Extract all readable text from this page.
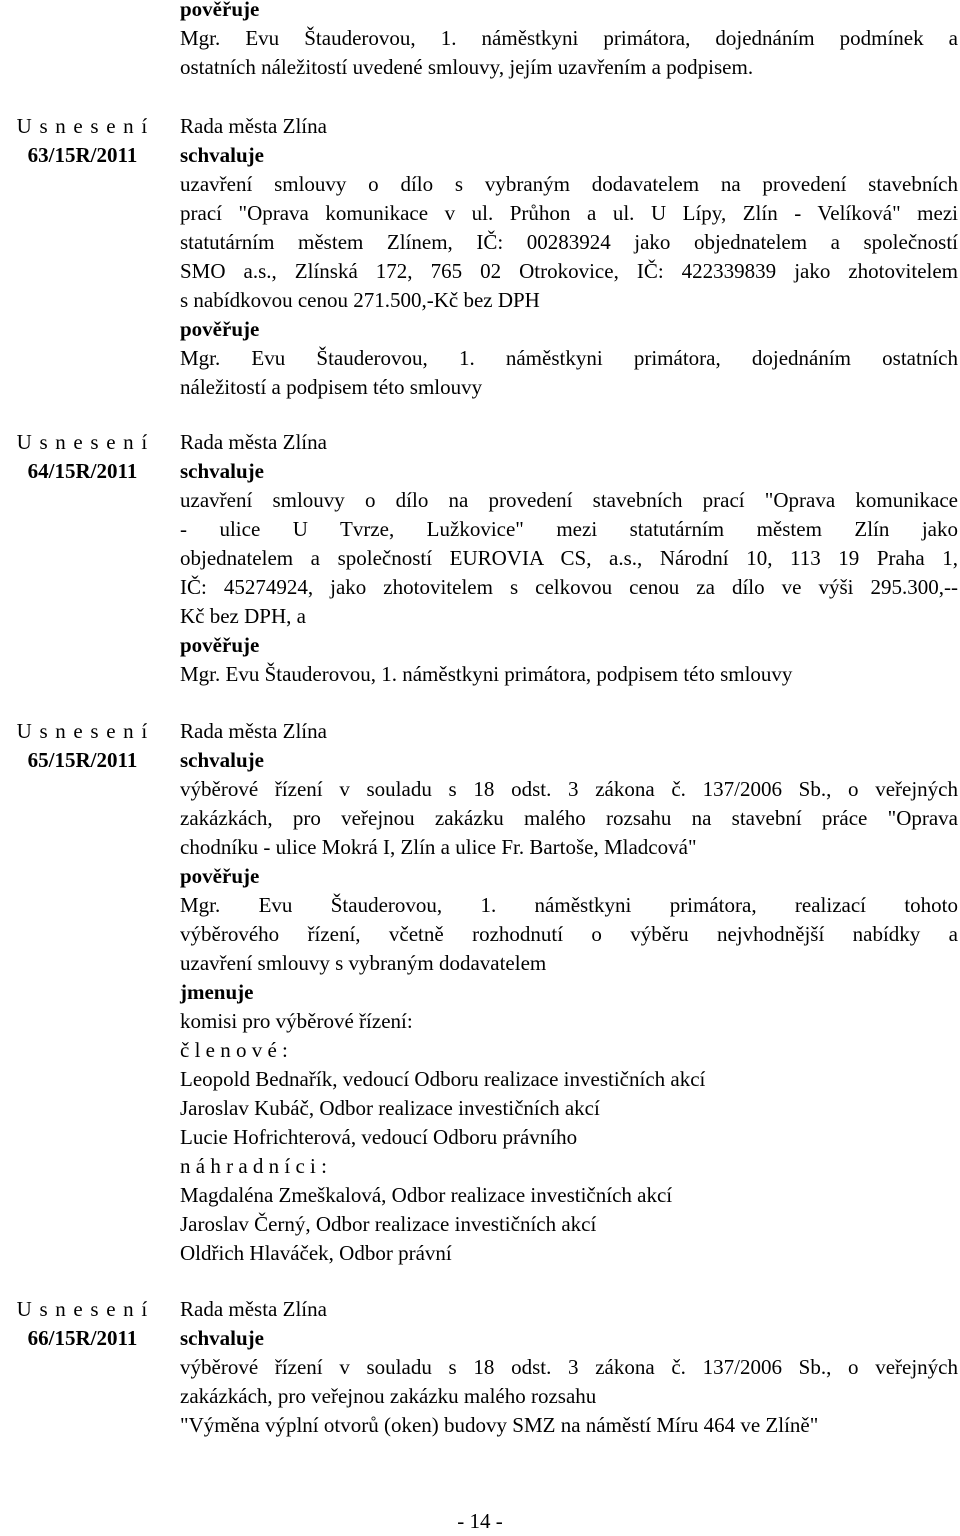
pověřuje
Mgr. Evu Štauderovou, 1. náměstkyni primátora, dojednáním podmínek a
ostatních náležitostí uvedené smlouvy, jejím uzavřením a podpisem.
U s n e s e n í
63/15R/2011
Rada města Zlína
schvaluje
uzavření smlouvy o dílo s vybraným dodavatelem na provedení stavebních
prací "Oprava komunikace v ul. Průhon a ul. U Lípy, Zlín - Velíková" mezi
statutárním městem Zlínem, IČ: 00283924 jako objednatelem a společností
SMO a.s., Zlínská 172, 765 02 Otrokovice, IČ: 422339839 jako zhotovitelem
s nabídkovou cenou 271.500,-Kč bez DPH
pověřuje
Mgr. Evu Štauderovou, 1. náměstkyni primátora, dojednáním ostatních
náležitostí a podpisem této smlouvy
U s n e s e n í
64/15R/2011
Rada města Zlína
schvaluje
uzavření smlouvy o dílo na provedení stavebních prací "Oprava komunikace
- ulice U Tvrze, Lužkovice" mezi statutárním městem Zlín jako
objednatelem a společností EUROVIA CS, a.s., Národní 10, 113 19 Praha 1,
IČ: 45274924, jako zhotovitelem s celkovou cenou za dílo ve výši 295.300,--
Kč bez DPH, a
pověřuje
Mgr. Evu Štauderovou, 1. náměstkyni primátora, podpisem této smlouvy
U s n e s e n í
65/15R/2011
Rada města Zlína
schvaluje
výběrové řízení v souladu s 18 odst. 3 zákona č. 137/2006 Sb., o veřejných
zakázkách, pro veřejnou zakázku malého rozsahu na stavební práce "Oprava
chodníku - ulice Mokrá I, Zlín a ulice Fr. Bartoše, Mladcová"
pověřuje
Mgr. Evu Štauderovou, 1. náměstkyni primátora, realizací tohoto
výběrového řízení, včetně rozhodnutí o výběru nejvhodnější nabídky a
uzavření smlouvy s vybraným dodavatelem
jmenuje
komisi pro výběrové řízení:
č l e n o v é :
Leopold Bednařík, vedoucí Odboru realizace investičních akcí
Jaroslav Kubáč, Odbor realizace investičních akcí
Lucie Hofrichterová, vedoucí Odboru právního
n á h r a d n í c i :
Magdaléna Zmeškalová, Odbor realizace investičních akcí
Jaroslav Černý, Odbor realizace investičních akcí
Oldřich Hlaváček, Odbor právní
U s n e s e n í
66/15R/2011
Rada města Zlína
schvaluje
výběrové řízení v souladu s 18 odst. 3 zákona č. 137/2006 Sb., o veřejných
zakázkách, pro veřejnou zakázku malého rozsahu
"Výměna výplní otvorů (oken) budovy SMZ na náměstí Míru 464 ve Zlíně"
- 14 -
